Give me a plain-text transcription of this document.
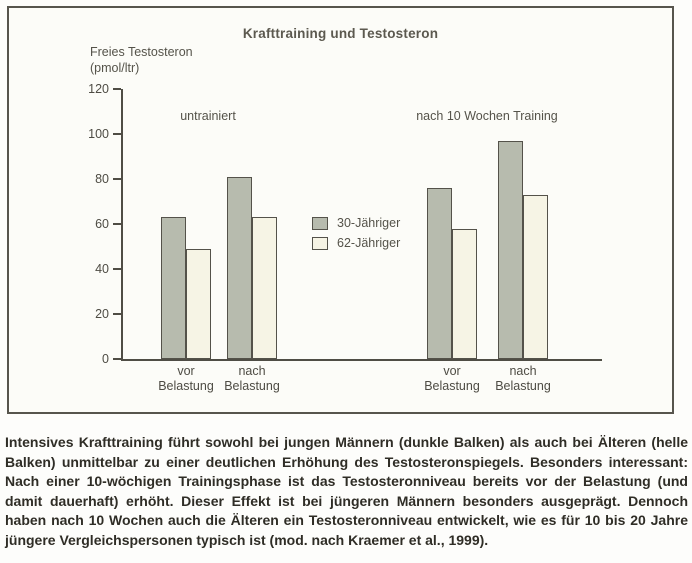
Krafttraining und Testosteron
Freies Testosteron
(pmol/ltr)
untrainiert	nach 10 Wochen Training
120
100
80
60
40
20
0
vor
Belastung
nach
Belastung
vor
Belastung
nach
Belastung
30-Jähriger
62-Jähriger
Intensives Krafttraining führt sowohl bei jungen Männern (dunkle Balken) als auch bei Älteren (helle Balken) unmittelbar zu einer deutlichen Erhöhung des Testosteronspiegels. Besonders interessant: Nach einer 10-wöchigen Trainingsphase ist das Testosteronniveau bereits vor der Belastung (und damit dauerhaft) erhöht. Dieser Effekt ist bei jüngeren Männern besonders ausgeprägt. Dennoch haben nach 10 Wochen auch die Älteren ein Testosteronniveau entwickelt, wie es für 10 bis 20 Jahre jüngere Vergleichspersonen typisch ist (mod. nach Kraemer et al., 1999).
